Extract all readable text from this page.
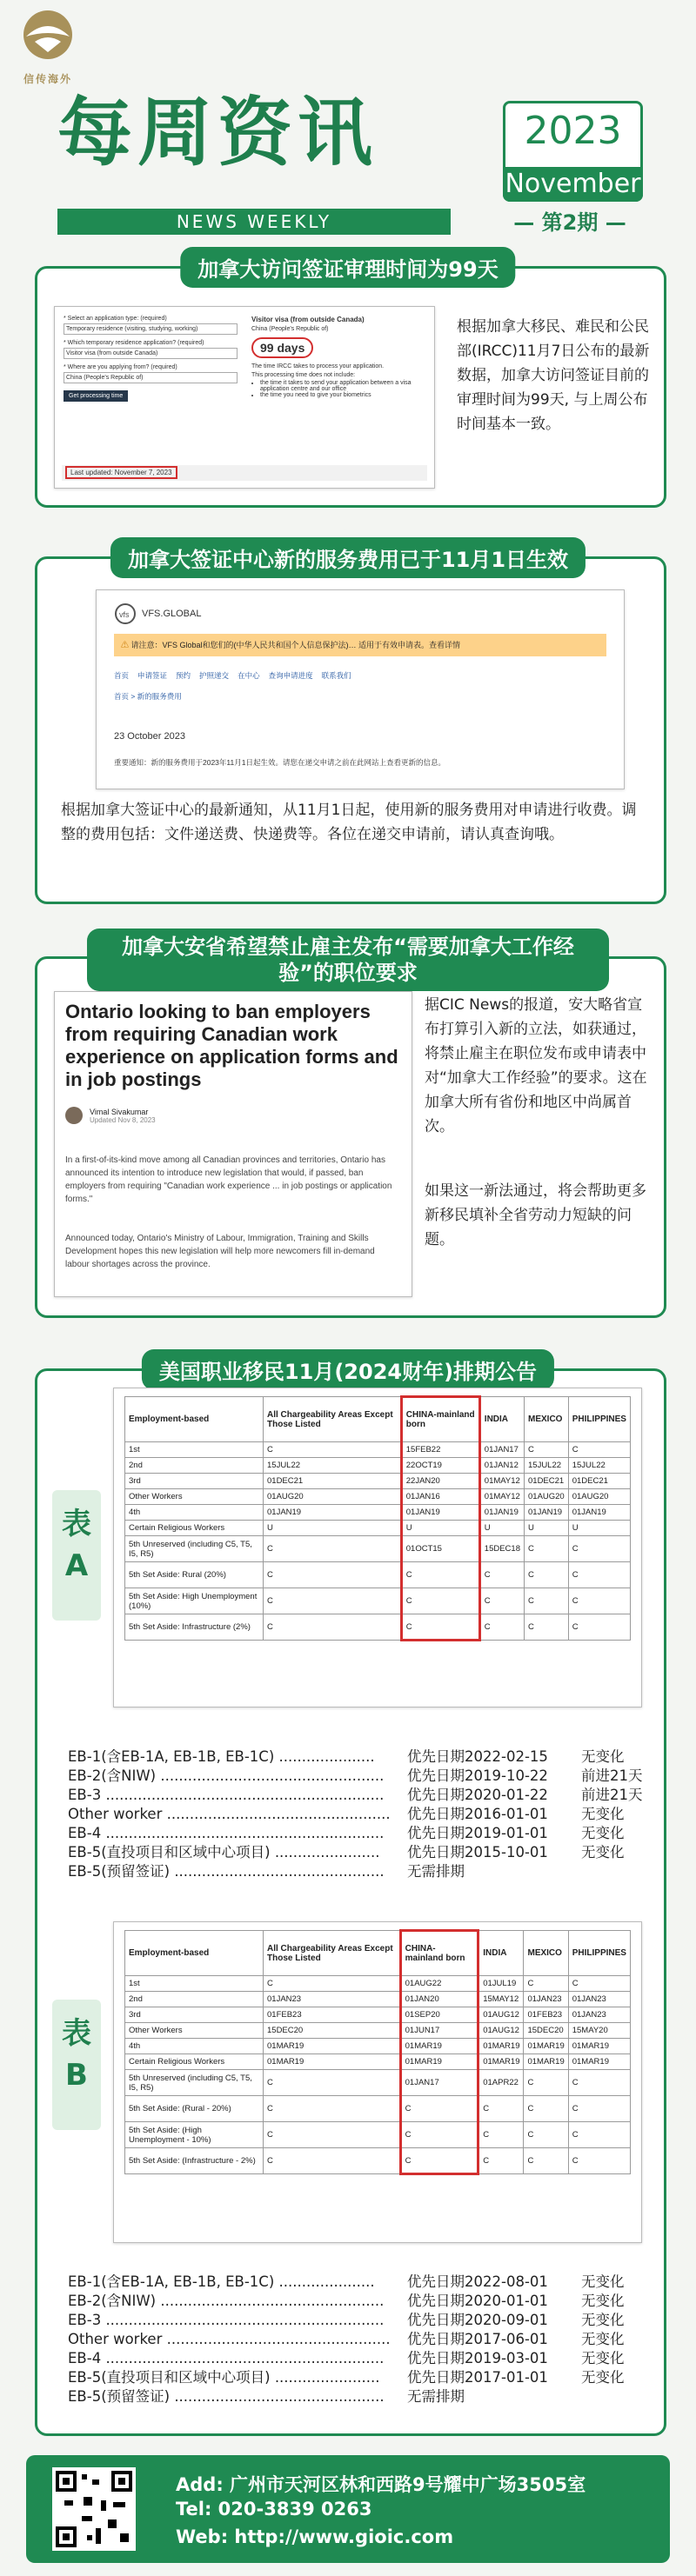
信传海外
每周资讯
NEWS WEEKLY
2023
November
— 第2期 —
加拿大访问签证审理时间为99天
* Select an application type: (required)
Temporary residence (visiting, studying, working)
* Which temporary residence application? (required)
Visitor visa (from outside Canada)
* Where are you applying from? (required)
China (People's Republic of)
Get processing time
Visitor visa (from outside Canada)
China (People's Republic of)
99 days
The time IRCC takes to process your application.
This processing time does not include:
• the time it takes to send your application between a visa application centre and our office
• the time you need to give your biometrics
Last updated: November 7, 2023
根据加拿大移民、难民和公民部(IRCC)11月7日公布的最新数据，加拿大访问签证目前的审理时间为99天, 与上周公布时间基本一致。
加拿大签证中心新的服务费用已于11月1日生效
vfs VFS.GLOBAL
⚠ 请注意：VFS Global和您们的(中华人民共和国个人信息保护法)… 适用于有效申请表。查看详情
首页 申请签证 预约 护照递交 在中心 查询申请进度 联系我们
首页 > 新的服务费用
23 October 2023
重要通知：新的服务费用于2023年11月1日起生效。请您在递交申请之前在此网站上查看更新的信息。
根据加拿大签证中心的最新通知，从11月1日起，使用新的服务费用对申请进行收费。调整的费用包括：文件递送费、快递费等。各位在递交申请前，请认真查询哦。
加拿大安省希望禁止雇主发布“需要加拿大工作经验”的职位要求
Ontario looking to ban employers from requiring Canadian work experience on application forms and in job postings
Vimal Sivakumar
Updated Nov 8, 2023
In a first-of-its-kind move among all Canadian provinces and territories, Ontario has announced its intention to introduce new legislation that would, if passed, ban employers from requiring "Canadian work experience ... in job postings or application forms."
Announced today, Ontario's Ministry of Labour, Immigration, Training and Skills Development hopes this new legislation will help more newcomers fill in-demand labour shortages across the province.
据CIC News的报道，安大略省宣布打算引入新的立法，如获通过，将禁止雇主在职位发布或申请表中对“加拿大工作经验”的要求。这在加拿大所有省份和地区中尚属首次。
如果这一新法通过，将会帮助更多新移民填补全省劳动力短缺的问题。
美国职业移民11月(2024财年)排期公告
表A
Employment-based	All Chargeability Areas Except Those Listed	CHINA-mainland born	INDIA	MEXICO	PHILIPPINES
1st	C	15FEB22	01JAN17	C	C
2nd	15JUL22	22OCT19	01JAN12	15JUL22	15JUL22
3rd	01DEC21	22JAN20	01MAY12	01DEC21	01DEC21
Other Workers	01AUG20	01JAN16	01MAY12	01AUG20	01AUG20
4th	01JAN19	01JAN19	01JAN19	01JAN19	01JAN19
Certain Religious Workers	U	U	U	U	U
5th Unreserved (including C5, T5, I5, R5)	C	01OCT15	15DEC18	C	C
5th Set Aside: Rural (20%)	C	C	C	C	C
5th Set Aside: High Unemployment (10%)	C	C	C	C	C
5th Set Aside: Infrastructure (2%)	C	C	C	C	C
EB-1(含EB-1A, EB-1B, EB-1C) .....................	优先日期2022-02-15	无变化
EB-2(含NIW) .................................................	优先日期2019-10-22	前进21天
EB-3 .............................................................	优先日期2020-01-22	前进21天
Other worker .................................................	优先日期2016-01-01	无变化
EB-4 .............................................................	优先日期2019-01-01	无变化
EB-5(直投项目和区域中心项目) .......................	优先日期2015-10-01	无变化
EB-5(预留签证) ..............................................	无需排期
表B
Employment-based	All Chargeability Areas Except Those Listed	CHINA-mainland born	INDIA	MEXICO	PHILIPPINES
1st	C	01AUG22	01JUL19	C	C
2nd	01JAN23	01JAN20	15MAY12	01JAN23	01JAN23
3rd	01FEB23	01SEP20	01AUG12	01FEB23	01JAN23
Other Workers	15DEC20	01JUN17	01AUG12	15DEC20	15MAY20
4th	01MAR19	01MAR19	01MAR19	01MAR19	01MAR19
Certain Religious Workers	01MAR19	01MAR19	01MAR19	01MAR19	01MAR19
5th Unreserved (including C5, T5, I5, R5)	C	01JAN17	01APR22	C	C
5th Set Aside: (Rural - 20%)	C	C	C	C	C
5th Set Aside: (High Unemployment - 10%)	C	C	C	C	C
5th Set Aside: (Infrastructure - 2%)	C	C	C	C	C
EB-1(含EB-1A, EB-1B, EB-1C) .....................	优先日期2022-08-01	无变化
EB-2(含NIW) .................................................	优先日期2020-01-01	无变化
EB-3 .............................................................	优先日期2020-09-01	无变化
Other worker .................................................	优先日期2017-06-01	无变化
EB-4 .............................................................	优先日期2019-03-01	无变化
EB-5(直投项目和区域中心项目) .......................	优先日期2017-01-01	无变化
EB-5(预留签证) ..............................................	无需排期
Add: 广州市天河区林和西路9号耀中广场3505室
Tel: 020-3839 0263
Web: http://www.gioic.com
